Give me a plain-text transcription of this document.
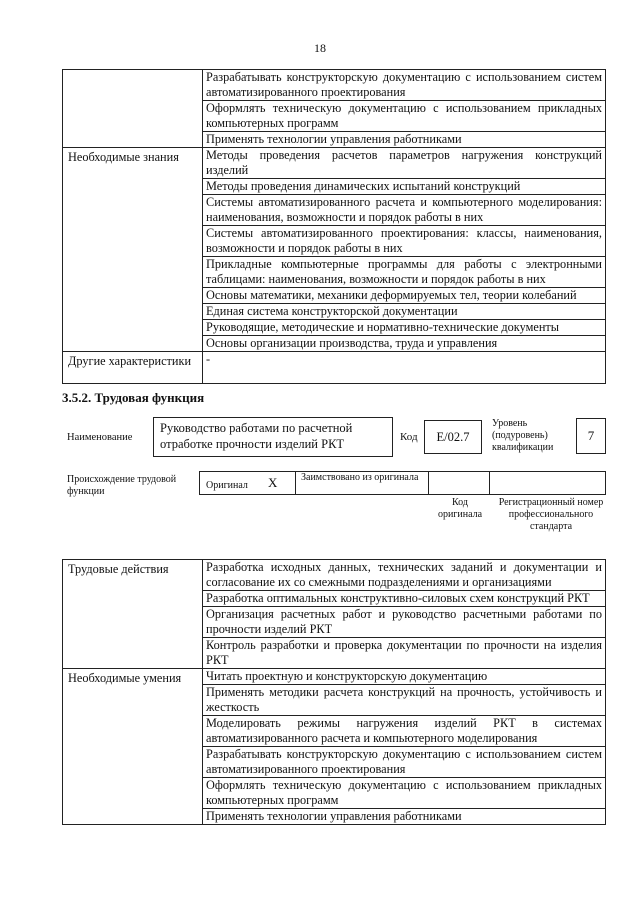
18
	Разрабатывать конструкторскую документацию с использованием систем автоматизированного проектирования
	Оформлять техническую документацию с использованием прикладных компьютерных программ
	Применять технологии управления работниками
Необходимые знания	Методы проведения расчетов параметров нагружения конструкций изделий
	Методы проведения динамических испытаний конструкций
	Системы автоматизированного расчета и компьютерного моделирования: наименования, возможности и порядок работы в них
	Системы автоматизированного проектирования: классы, наименования, возможности и порядок работы в них
	Прикладные компьютерные программы для работы с электронными таблицами: наименования, возможности и порядок работы в них
	Основы математики, механики деформируемых тел, теории колебаний
	Единая система конструкторской документации
	Руководящие, методические и нормативно-технические документы
	Основы организации производства, труда и управления
Другие характеристики	-
3.5.2. Трудовая функция
Наименование
Руководство работами по расчетной отработке прочности изделий РКТ	Код	E/02.7
Уровень (подуровень) квалификации
7
Происхождение трудовой функции
Оригинал X Заимствовано из оригинала
Код оригинала
Регистрационный номер профессионального стандарта
Трудовые действия	Разработка исходных данных, технических заданий и документации и согласование их со смежными подразделениями и организациями
	Разработка оптимальных конструктивно-силовых схем конструкций РКТ
	Организация расчетных работ и руководство расчетными работами по прочности изделий РКТ
	Контроль разработки и проверка документации по прочности на изделия РКТ
Необходимые умения	Читать проектную и конструкторскую документацию
	Применять методики расчета конструкций на прочность, устойчивость и жесткость
	Моделировать режимы нагружения изделий РКТ в системах автоматизированного расчета и компьютерного моделирования
	Разрабатывать конструкторскую документацию с использованием систем автоматизированного проектирования
	Оформлять техническую документацию с использованием прикладных компьютерных программ
	Применять технологии управления работниками
